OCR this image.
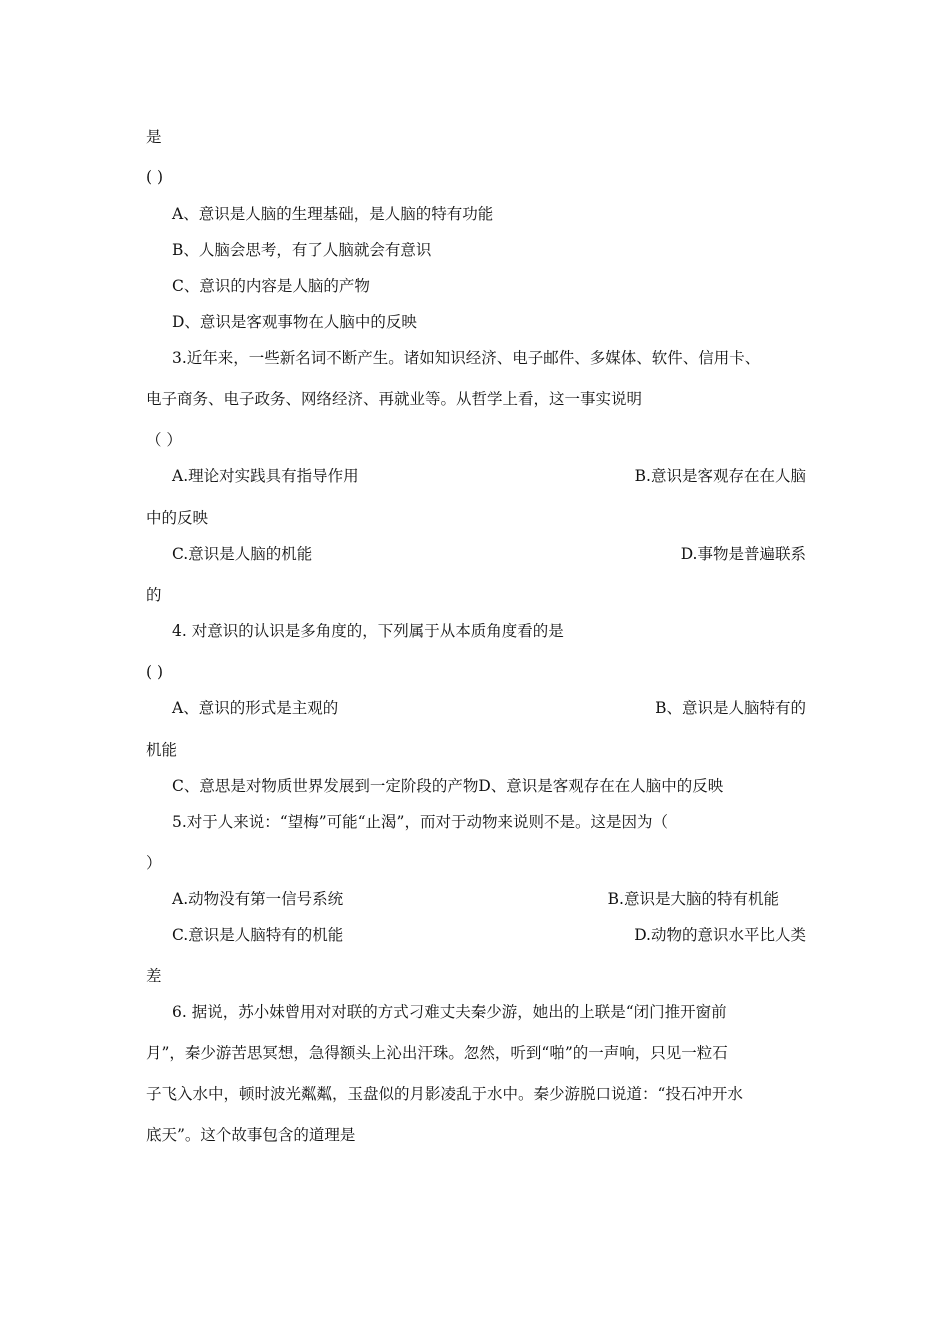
是
( )
A、意识是人脑的生理基础，是人脑的特有功能
B、人脑会思考，有了人脑就会有意识
C、意识的内容是人脑的产物
D、意识是客观事物在人脑中的反映
3.近年来，一些新名词不断产生。诸如知识经济、电子邮件、多媒体、软件、信用卡、
电子商务、电子政务、网络经济、再就业等。从哲学上看，这一事实说明
（ ）
A.理论对实践具有指导作用	B.意识是客观存在在人脑
中的反映
C.意识是人脑的机能	D.事物是普遍联系
的
4. 对意识的认识是多角度的，下列属于从本质角度看的是
( )
A、意识的形式是主观的	B、意识是人脑特有的
机能
C、意思是对物质世界发展到一定阶段的产物D、意识是客观存在在人脑中的反映
5.对于人来说：“望梅”可能“止渴”，而对于动物来说则不是。这是因为（
）
A.动物没有第一信号系统	B.意识是大脑的特有机能
C.意识是人脑特有的机能	D.动物的意识水平比人类
差
6. 据说，苏小妹曾用对对联的方式刁难丈夫秦少游，她出的上联是“闭门推开窗前
月”，秦少游苦思冥想，急得额头上沁出汗珠。忽然，听到“啪”的一声响，只见一粒石
子飞入水中，顿时波光粼粼，玉盘似的月影凌乱于水中。秦少游脱口说道：“投石冲开水
底天”。这个故事包含的道理是
